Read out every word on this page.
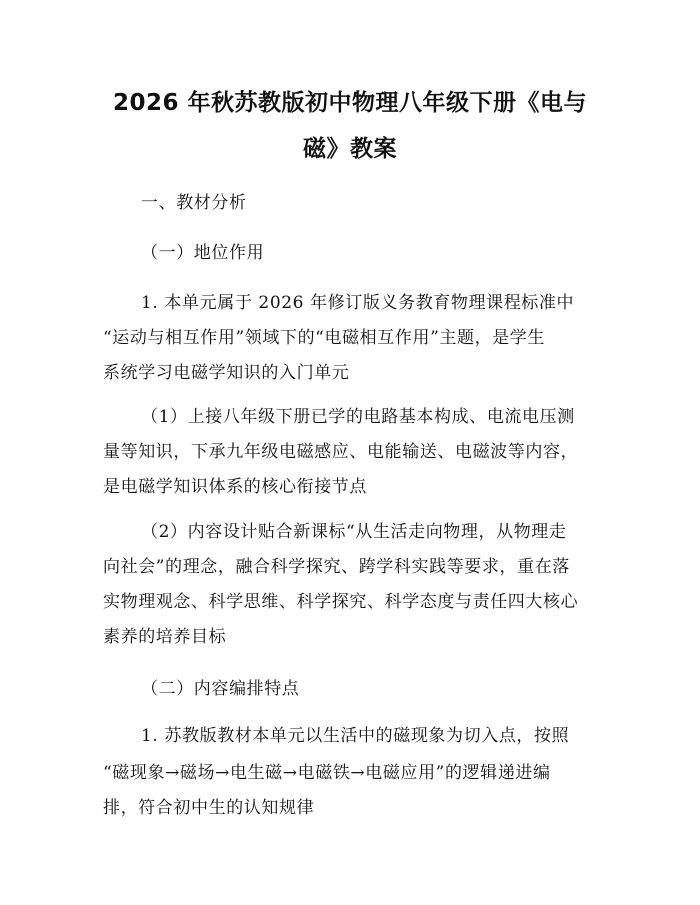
2026 年秋苏教版初中物理八年级下册《电与
磁》教案
一、教材分析
（一）地位作用
1. 本单元属于 2026 年修订版义务教育物理课程标准中
“运动与相互作用”领域下的“电磁相互作用”主题，是学生
系统学习电磁学知识的入门单元
（1）上接八年级下册已学的电路基本构成、电流电压测
量等知识，下承九年级电磁感应、电能输送、电磁波等内容，
是电磁学知识体系的核心衔接节点
（2）内容设计贴合新课标“从生活走向物理，从物理走
向社会”的理念，融合科学探究、跨学科实践等要求，重在落
实物理观念、科学思维、科学探究、科学态度与责任四大核心
素养的培养目标
（二）内容编排特点
1. 苏教版教材本单元以生活中的磁现象为切入点，按照
“磁现象→磁场→电生磁→电磁铁→电磁应用”的逻辑递进编
排，符合初中生的认知规律
